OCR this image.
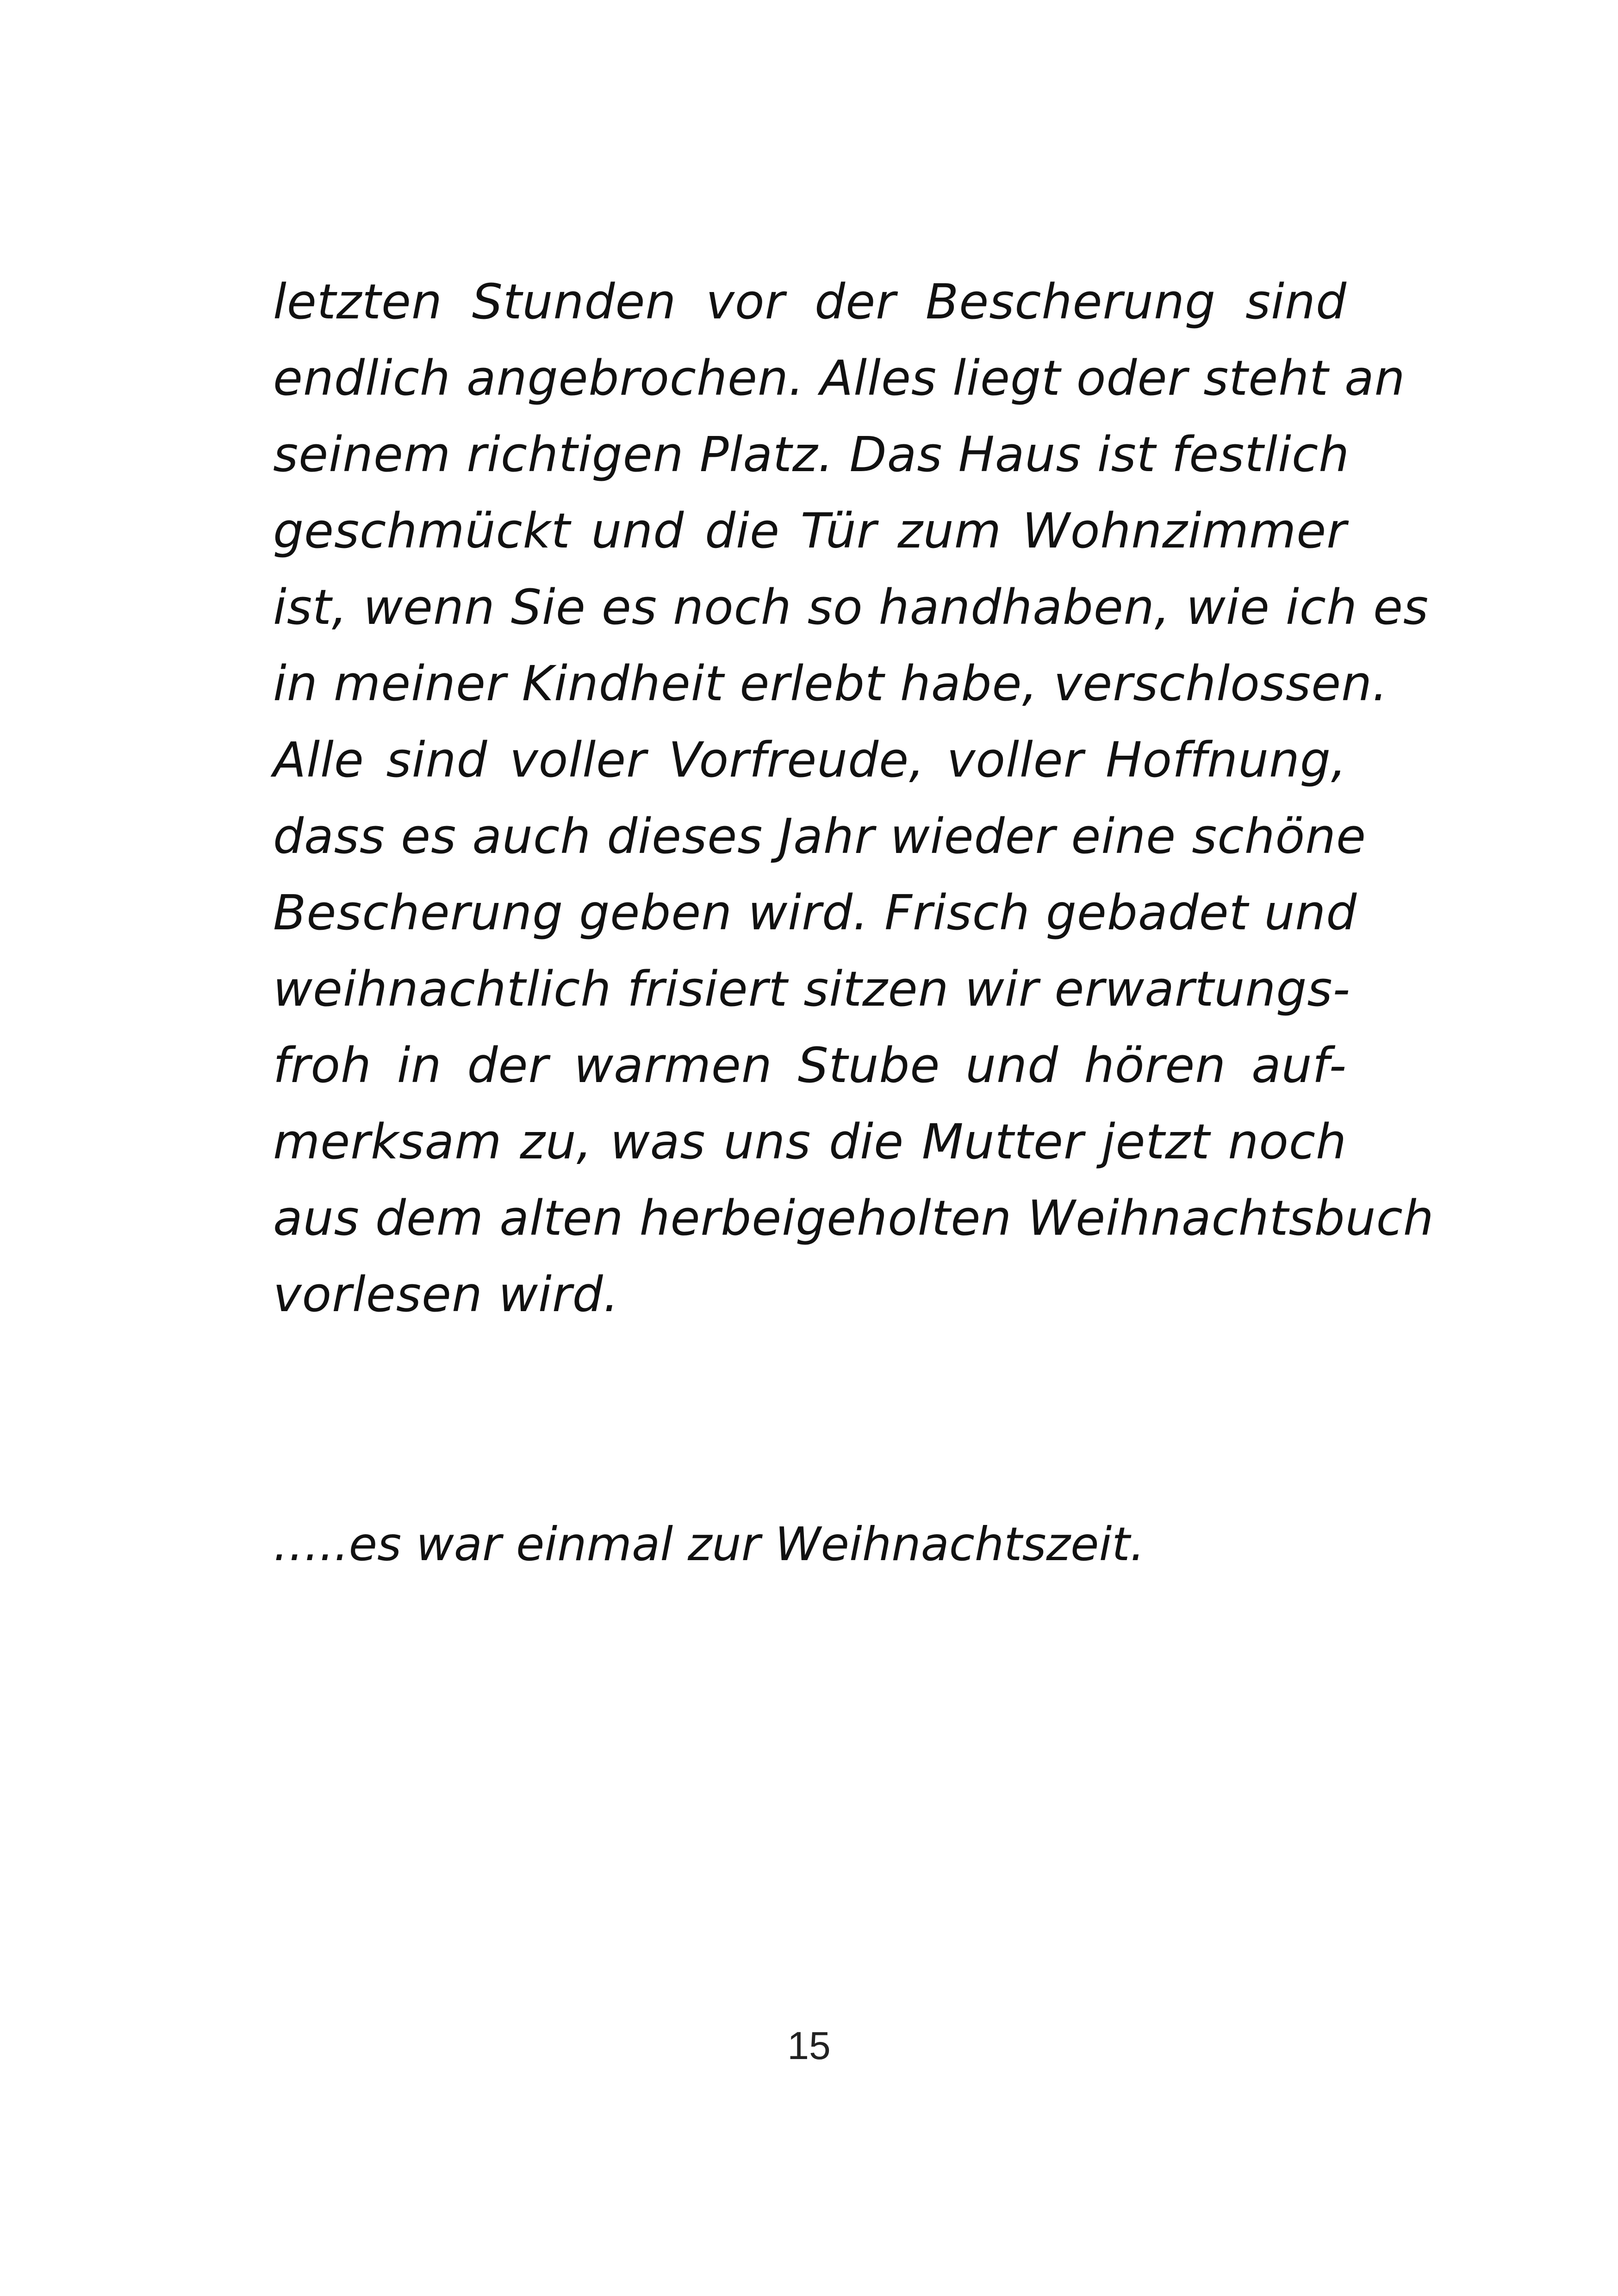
letzten Stunden vor der Bescherung sind
endlich angebrochen. Alles liegt oder steht an
seinem richtigen Platz. Das Haus ist festlich
geschmückt und die Tür zum Wohnzimmer
ist, wenn Sie es noch so handhaben, wie ich es
in meiner Kindheit erlebt habe, verschlossen.
Alle sind voller Vorfreude, voller Hoffnung,
dass es auch dieses Jahr wieder eine schöne
Bescherung geben wird. Frisch gebadet und
weihnachtlich frisiert sitzen wir erwartungs-
froh in der warmen Stube und hören auf-
merksam zu, was uns die Mutter jetzt noch
aus dem alten herbeigeholten Weihnachtsbuch
vorlesen wird.

…..es war einmal zur Weihnachtszeit.

15
